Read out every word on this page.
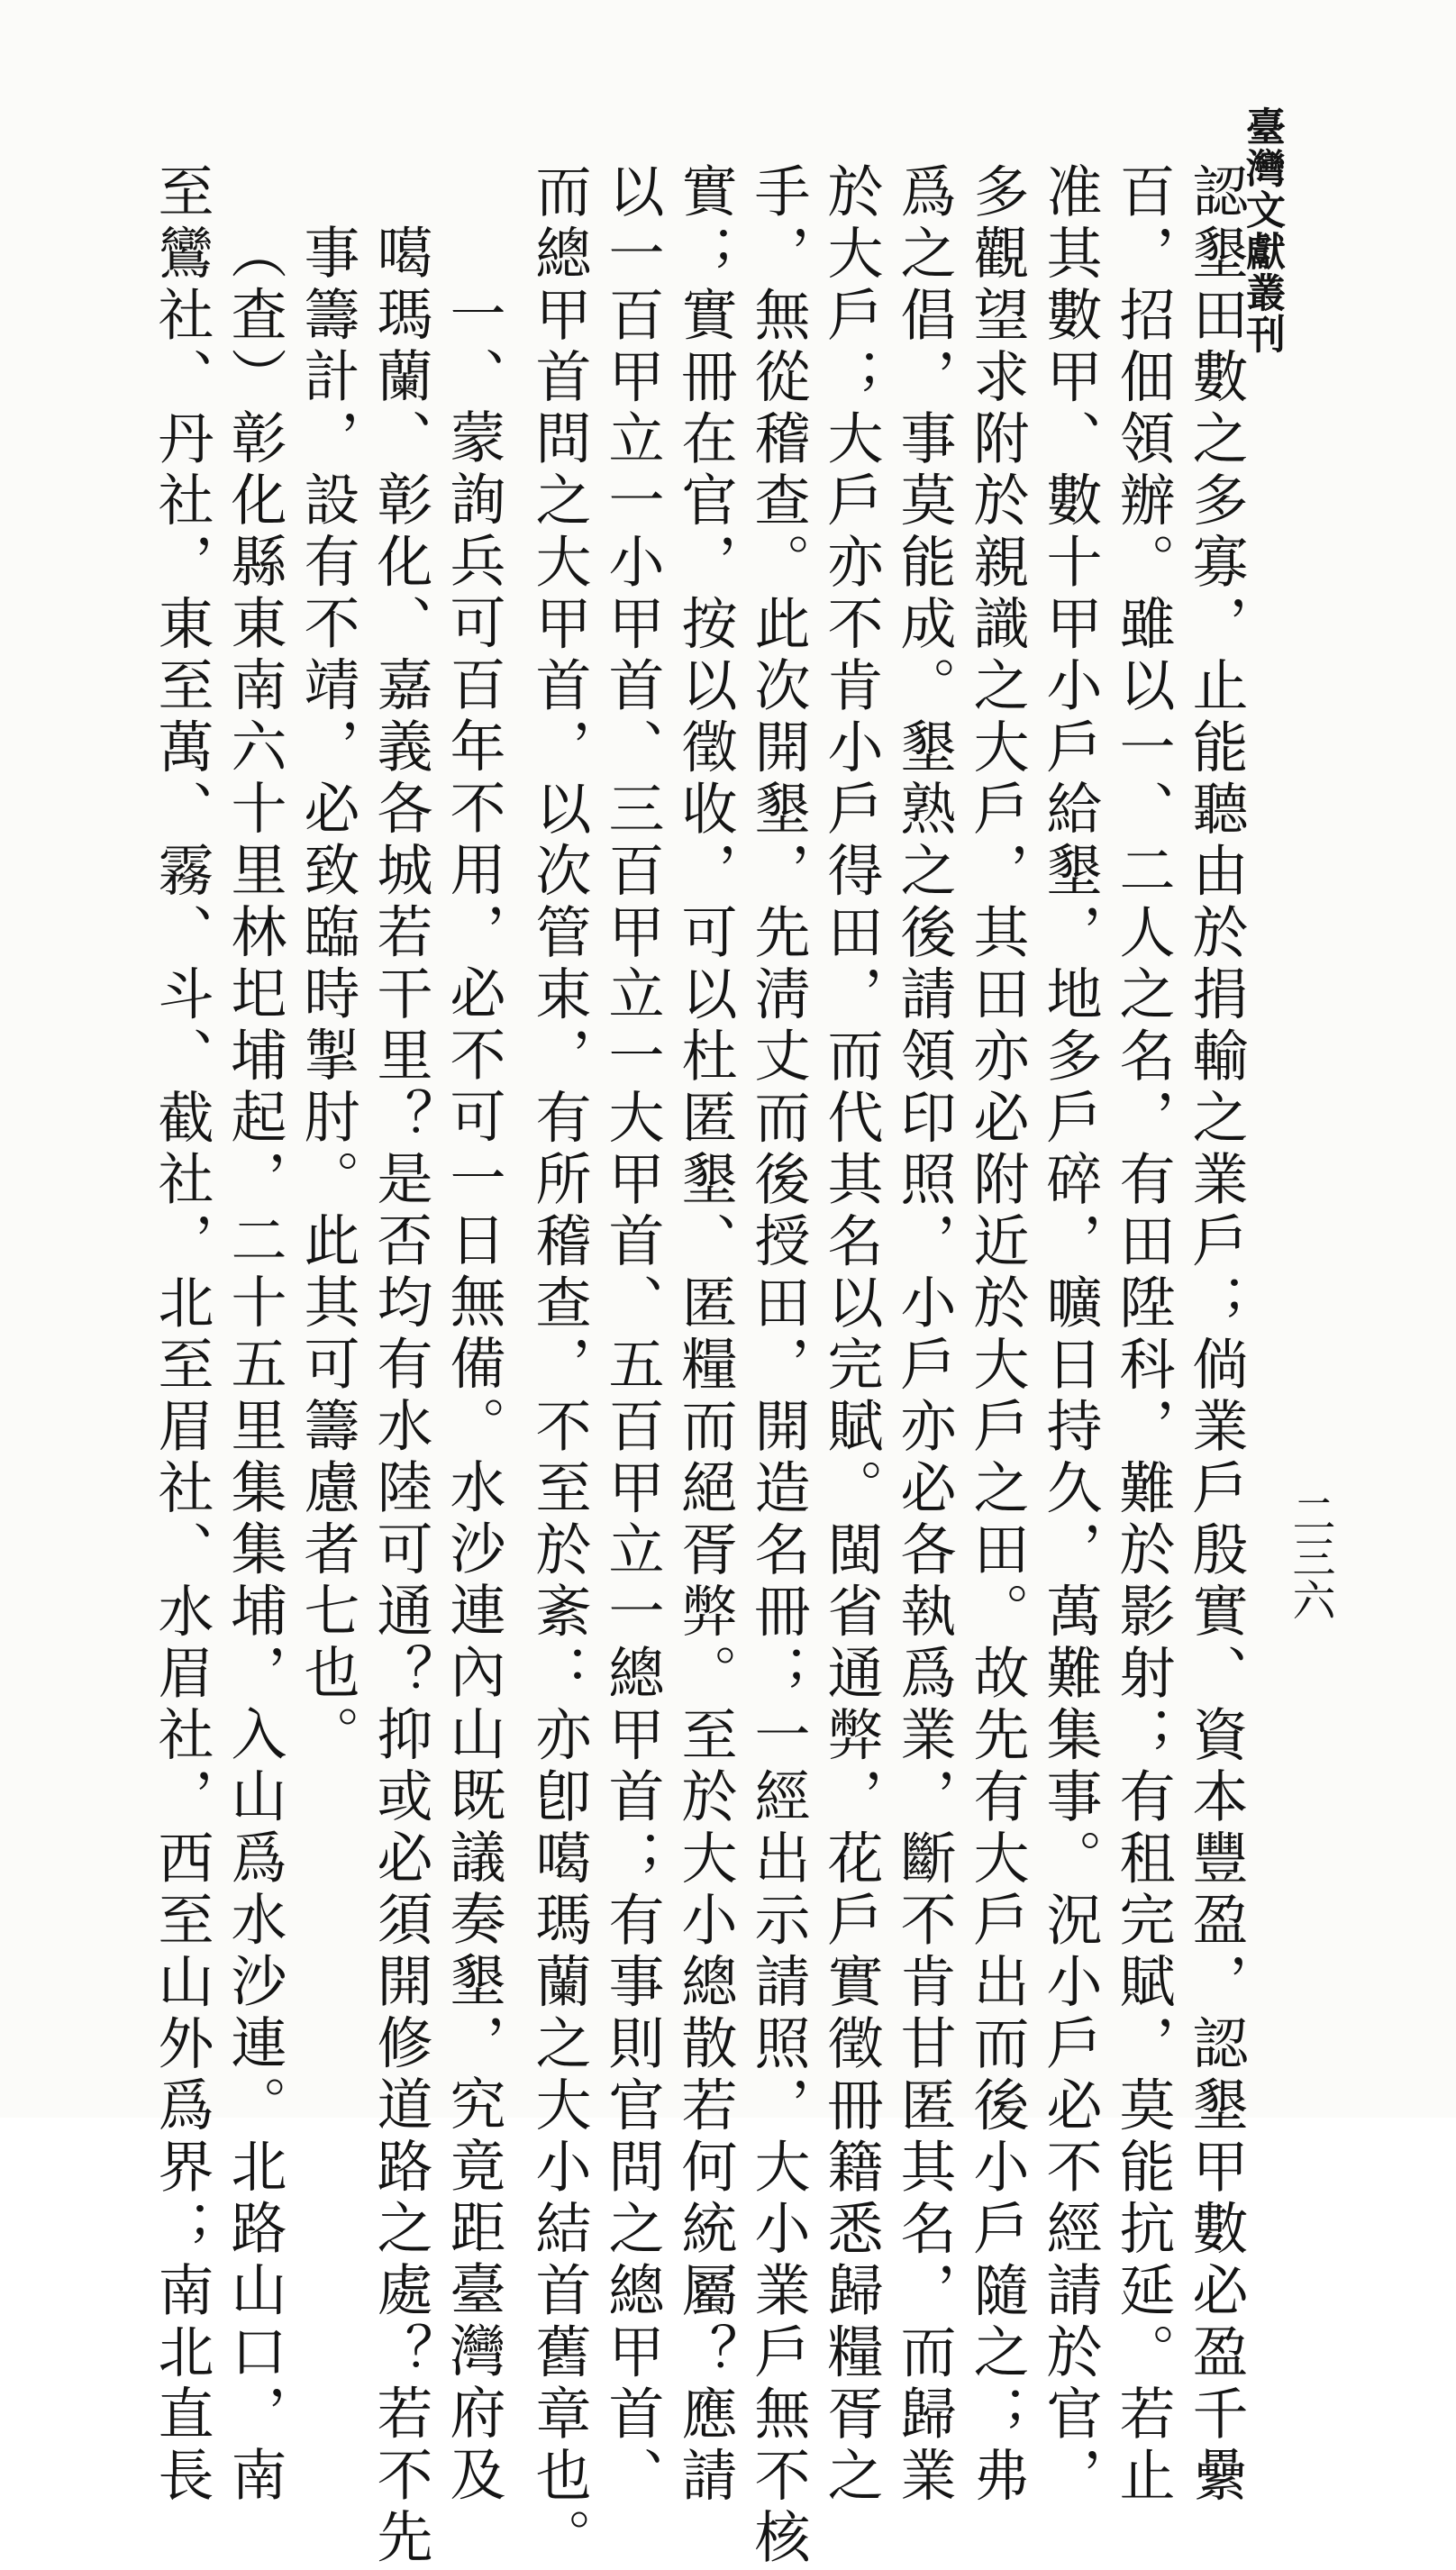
臺灣文獻叢刊
二三六
認墾田數之多寡，止能聽由於捐輸之業戶；倘業戶殷實、資本豐盈，認墾甲數必盈千纍
百，招佃領辦。雖以一、二人之名，有田陞科，難於影射；有租完賦，莫能抗延。若止
准其數甲、數十甲小戶給墾，地多戶碎，曠日持久，萬難集事。況小戶必不經請於官，
多觀望求附於親識之大戶，其田亦必附近於大戶之田。故先有大戶出而後小戶隨之；弗
爲之倡，事莫能成。墾熟之後請領印照，小戶亦必各執爲業，斷不肯甘匿其名，而歸業
於大戶；大戶亦不肯小戶得田，而代其名以完賦。閩省通弊，花戶實徵冊籍悉歸糧胥之
手，無從稽查。此次開墾，先淸丈而後授田，開造名冊；一經出示請照，大小業戶無不核
實；實冊在官，按以徵收，可以杜匿墾、匿糧而絕胥弊。至於大小總散若何統屬？應請
以一百甲立一小甲首、三百甲立一大甲首、五百甲立一總甲首；有事則官問之總甲首、
而總甲首問之大甲首，以次管束，有所稽查，不至於紊：亦卽噶瑪蘭之大小結首舊章也。
一、蒙詢兵可百年不用，必不可一日無備。水沙連內山既議奏墾，究竟距臺灣府及
噶瑪蘭、彰化、嘉義各城若干里？是否均有水陸可通？抑或必須開修道路之處？若不先
事籌計，設有不靖，必致臨時掣肘。此其可籌慮者七也。
（査）彰化縣東南六十里林圯埔起，二十五里集集埔，入山爲水沙連。北路山口，南
至鸞社、丹社，東至萬、霧、斗、截社，北至眉社、水眉社，西至山外爲界；南北直長
